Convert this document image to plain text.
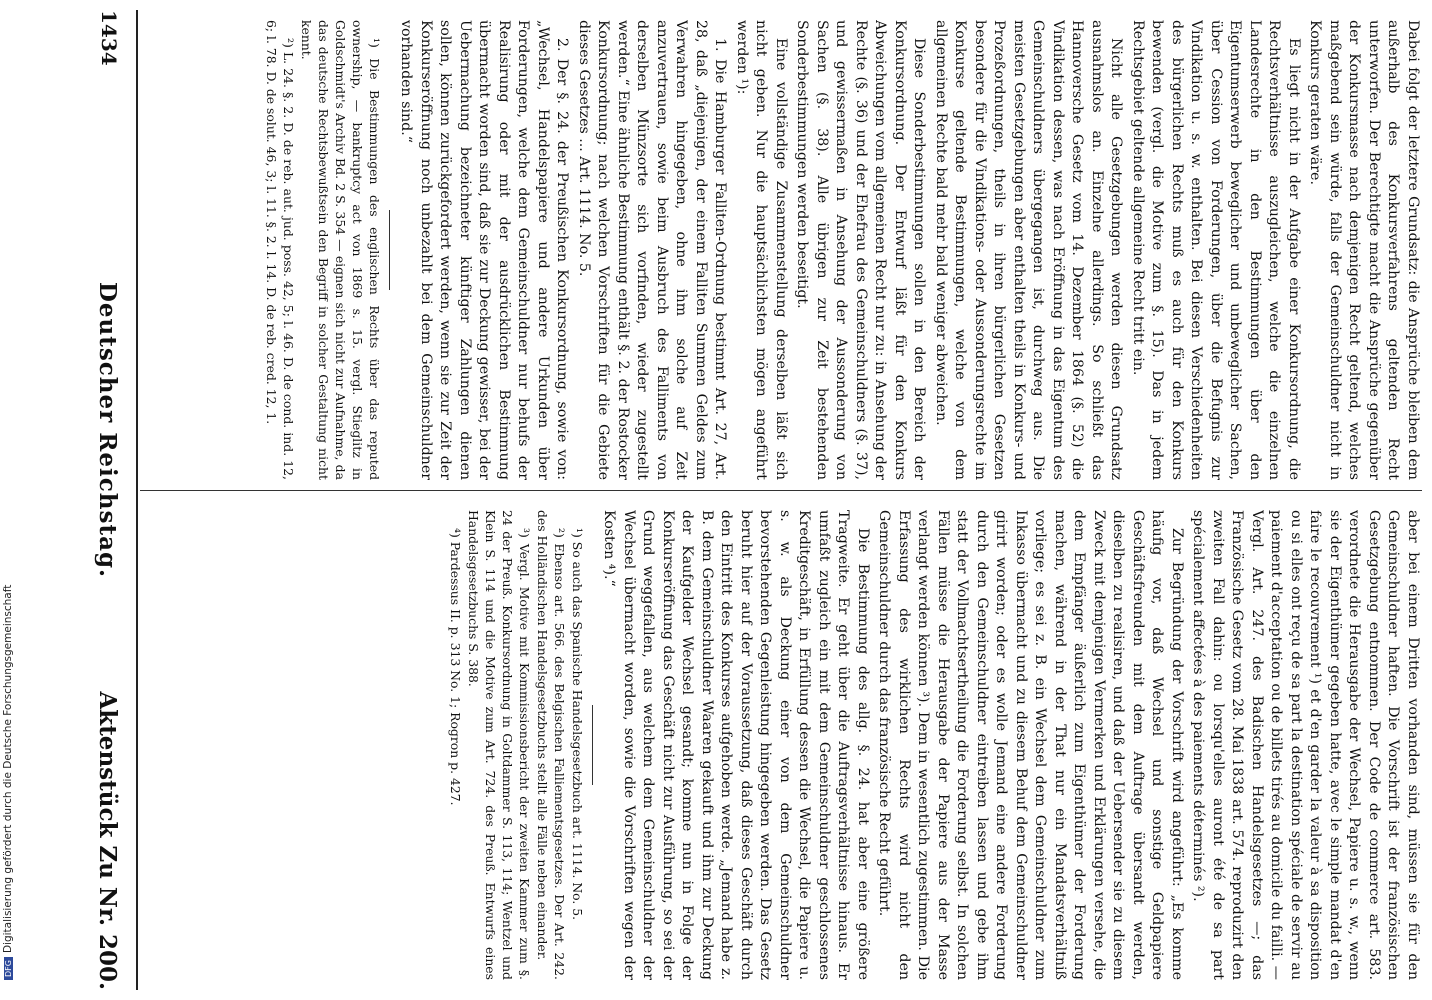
Dabei folgt der letztere Grundsatz: die Ansprüche bleiben dem außerhalb des Konkursverfahrens geltenden Recht unterworfen. Der Berechtigte macht die Ansprüche gegenüber der Konkursmasse nach demjenigen Recht geltend, welches maßgebend sein würde, falls der Gemeinschuldner nicht in Konkurs geraten wäre.

Es liegt nicht in der Aufgabe einer Konkursordnung, die Rechtsverhältnisse auszugleichen, welche die einzelnen Landesrechte in den Bestimmungen über den Eigentumserwerb beweglicher und unbeweglicher Sachen, über Cession von Forderungen, über die Befugnis zur Vindikation u. s. w. enthalten. Bei diesen Verschiedenheiten des bürgerlichen Rechts muß es auch für den Konkurs bewenden (vergl. die Motive zum §. 15). Das in jedem Rechtsgebiet geltende allgemeine Recht tritt ein.

Nicht alle Gesetzgebungen werden diesen Grundsatz ausnahmslos an. Einzelne allerdings. So schließt das Hannoversche Gesetz vom 14. Dezember 1864 (§. 52) die Vindikation dessen, was nach Eröffnung in das Eigentum des Gemeinschuldners übergegangen ist, durchweg aus. Die meisten Gesetzgebungen aber enthalten theils in Konkurs- und Prozeßordnungen, theils in ihren bürgerlichen Gesetzen besondere für die Vindikations- oder Aussonderungsrechte im Konkurse geltende Bestimmungen, welche von dem allgemeinen Rechte bald mehr bald weniger abweichen.

Diese Sonderbestimmungen sollen in den Bereich der Konkursordnung. Der Entwurf läßt für den Konkurs Abweichungen vom allgemeinen Recht nur zu: in Ansehung der Rechte (§. 36) und der Ehefrau des Gemeinschuldners (§. 37), und gewissermaßen in Ansehung der Aussonderung von Sachen (§. 38). Alle übrigen zur Zeit bestehenden Sonderbestimmungen werden beseitigt.

Eine vollständige Zusammenstellung derselben läßt sich nicht geben. Nur die hauptsächlichsten mögen angeführt werden ¹):

1. Die Hamburger Falliten-Ordnung bestimmt Art. 27, Art. 28, daß „diejenigen, der einem Falliten Summen Geldes zum Verwahren hingegeben, ohne ihm solche auf Zeit anzuvertrauen, sowie beim Ausbruch des Falliments von derselben Münzsorte sich vorfinden, wieder zugestellt werden.“ Eine ähnliche Bestimmung enthält §. 2. der Rostocker Konkursordnung; nach welchen Vorschriften für die Gebiete dieses Gesetzes ... Art. 1114. No. 5.

2. Der §. 24. der Preußischen Konkursordnung, sowie von: „Wechsel, Handelspapiere und andere Urkunden über Forderungen, welche dem Gemeinschuldner nur behufs der Realisirung oder mit der ausdrücklichen Bestimmung übermacht worden sind, daß sie zur Deckung gewisser, bei der Uebermachung bezeichneter künftiger Zahlungen dienen sollen, können zurückgefordert werden, wenn sie zur Zeit der Konkurseröffnung noch unbezahlt bei dem Gemeinschuldner vorhanden sind.“

¹) Die Bestimmungen des englischen Rechts über das reputed ownership, — bankruptcy act von 1869 s. 15. vergl. Stieglitz in Goldschmidt's Archiv Bd. 2 S. 354 — eignen sich nicht zur Aufnahme, da das deutsche Rechtsbewußtsein den Begriff in solcher Gestaltung nicht kennt.

²) L. 24. §. 2. D. de reb. aut. jud. poss. 42, 5; l. 46. D. de cond. ind. 12, 6; l. 78. D. de solut. 46, 3; l. 11. §. 2. l. 14. D. de reb. cred. 12, 1.

aber bei einem Dritten vorhanden sind, müssen sie für den Gemeinschuldner haften. Die Vorschrift ist der französischen Gesetzgebung entnommen. Der Code de commerce art. 583. verordnete die Herausgabe der Wechsel, Papiere u. s. w., wenn sie der Eigenthümer gegeben hatte, avec le simple mandat d'en faire le recouvrement ¹) et d'en garder la valeur à sa disposition ou si elles ont reçu de sa part la destination spéciale de servir au paiement d'acceptation ou de billets tirés au domicile du failli. — Vergl. Art. 247. des Badischen Handelsgesetzes —; das Französische Gesetz vom 28. Mai 1838 art. 574. reproduzirt den zweiten Fall dahin: ou lorsqu'elles auront été de sa part spécialement affectées à des paiements déterminés ²).

Zur Begründung der Vorschrift wird angeführt: „Es komme häufig vor, daß Wechsel und sonstige Geldpapiere Geschäftsfreunden mit dem Auftrage übersandt werden, dieselben zu realisiren, und daß der Uebersender sie zu diesem Zweck mit demjenigen Vermerken und Erklärungen versehe, die dem Empfänger äußerlich zum Eigenthümer der Forderung machen, während in der That nur ein Mandatsverhältniß vorliege; es sei z. B. ein Wechsel dem Gemeinschuldner zum Inkasso übermacht und zu diesem Behuf dem Gemeinschuldner girirt worden; oder es wolle Jemand eine andere Forderung durch den Gemeinschuldner eintreiben lassen und gebe ihm statt der Vollmachtsertheilung die Forderung selbst. In solchen Fällen müsse die Herausgabe der Papiere aus der Masse verlangt werden können ³). Dem in wesentlich zugestimmen. Die Erfassung des wirklichen Rechts wird nicht den Gemeinschuldner durch das französische Recht geführt.

Die Bestimmung des allg. §. 24. hat aber eine größere Tragweite. Er geht über die Auftragsverhältnisse hinaus. Er umfaßt zugleich ein mit dem Gemeinschuldner geschlossenes Kreditgeschäft, in Erfüllung dessen die Wechsel, die Papiere u. s. w. als Deckung einer von dem Gemeinschuldner bevorstehenden Gegenleistung hingegeben werden. Das Gesetz beruht hier auf der Voraussetzung, daß dieses Geschäft durch den Eintritt des Konkurses aufgehoben werde. „Jemand habe z. B. dem Gemeinschuldner Waaren gekauft und ihm zur Deckung der Kaufgelder Wechsel gesandt; komme nun in Folge der Konkurseröffnung das Geschäft nicht zur Ausführung, so sei der Grund weggefallen, aus welchem dem Gemeinschuldner der Wechsel übermacht worden, sowie die Vorschriften wegen der Kosten ⁴).“

¹) So auch das Spanische Handelsgesetzbuch art. 1114. No. 5.

²) Ebenso art. 566. des Belgischen Falliementsgesetzes. Der Art. 242. des Holländischen Handelsgesetzbuchs stellt alle Fälle neben einander.

³) Vergl. Motive mit Kommissionsbericht der zweiten Kammer zum §. 24 der Preuß. Konkursordnung in Goltdammer S. 113, 114; Wentzel und Klein S. 114 und die Motive zum Art. 724. des Preuß. Entwurfs eines Handelsgesetzbuchs S. 388.

⁴) Pardessus II. p. 313 No. 1; Rogron p. 427.

1434
Deutscher Reichstag.
Aktenstück Zu Nr. 200.
DFGDigitalisierung gefördert durch die Deutsche Forschungsgemeinschaft
